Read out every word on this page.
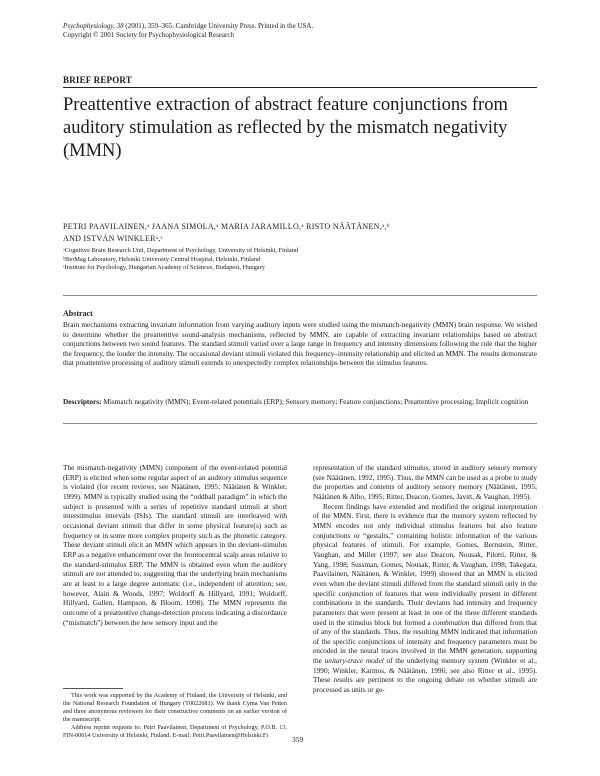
Psychophysiology, 38 (2001), 359–365. Cambridge University Press. Printed in the USA.
Copyright © 2001 Society for Psychophysiological Research
BRIEF REPORT
Preattentive extraction of abstract feature conjunctions from auditory stimulation as reflected by the mismatch negativity (MMN)
PETRI PAAVILAINEN,ᵃ JAANA SIMOLA,ᵃ MARIA JARAMILLO,ᵃ RISTO NÄÄTÄNEN,ᵃ,ᵇ
AND ISTVÁN WINKLERᵃ,ᶜ
ᵃCognitive Brain Research Unit, Department of Psychology, University of Helsinki, Finland
ᵇBioMag Laboratory, Helsinki University Central Hospital, Helsinki, Finland
ᶜInstitute for Psychology, Hungarian Academy of Sciences, Budapest, Hungary
Abstract
Brain mechanisms extracting invariant information from varying auditory inputs were studied using the mismatch-negativity (MMN) brain response. We wished to determine whether the preattentive sound-analysis mechanisms, reflected by MMN, are capable of extracting invariant relationships based on abstract conjunctions between two sound features. The standard stimuli varied over a large range in frequency and intensity dimensions following the rule that the higher the frequency, the louder the intensity. The occasional deviant stimuli violated this frequency–intensity relationship and elicited an MMN. The results demonstrate that preattentive processing of auditory stimuli extends to unexpectedly complex relationships between the stimulus features.
Descriptors: Mismatch negativity (MMN); Event-related potentials (ERP); Sensory memory; Feature conjunctions; Preattentive processing; Implicit cognition

The mismatch-negativity (MMN) component of the event-related potential (ERP) is elicited when some regular aspect of an auditory stimulus sequence is violated (for recent reviews, see Näätänen, 1995; Näätänen & Winkler, 1999). MMN is typically studied using the “oddball paradigm” in which the subject is presented with a series of repetitive standard stimuli at short interstimulus intervals (ISIs). The standard stimuli are interleaved with occasional deviant stimuli that differ in some physical feature(s) such as frequency or in some more complex property such as the phonetic category. These deviant stimuli elicit an MMN which appears in the deviant-stimulus ERP as a negative enhancement over the frontocentral scalp areas relative to the standard-stimulus ERP. The MMN is obtained even when the auditory stimuli are not attended to, suggesting that the underlying brain mechanisms are at least to a large degree automatic (i.e., independent of attention; see, however, Alain & Woods, 1997; Woldorff & Hillyard, 1991; Woldorff, Hillyard, Gallen, Hampson, & Bloom, 1998). The MMN represents the outcome of a preattentive change-detection process indicating a discordance (“mismatch”) between the new sensory input and the

representation of the standard stimulus, stored in auditory sensory memory (see Näätänen, 1992, 1995). Thus, the MMN can be used as a probe to study the properties and contents of auditory sensory memory (Näätänen, 1995; Näätänen & Alho, 1995; Ritter, Deacon, Gomes, Javitt, & Vaughan, 1995).

Recent findings have extended and modified the original interpretation of the MMN. First, there is evidence that the memory system reflected by MMN encodes not only individual stimulus features but also feature conjunctions or “gestalts,” containing holistic information of the various physical features of stimuli. For example, Gomes, Bernstein, Ritter, Vaughan, and Miller (1997; see also Deacon, Nousak, Pilotti, Ritter, & Yang, 1998; Sussman, Gomes, Nousak, Ritter, & Vaughan, 1998; Takegata, Paavilainen, Näätänen, & Winkler, 1999) showed that an MMN is elicited even when the deviant stimuli differed from the standard stimuli only in the specific conjunction of features that were individually present in different combinations in the standards. Their deviants had intensity and frequency parameters that were present at least in one of the three different standards used in the stimulus block but formed a combination that differed from that of any of the standards. Thus, the resulting MMN indicated that information of the specific conjunctions of intensity and frequency parameters must be encoded in the neural traces involved in the MMN generation, supporting the unitary-trace model of the underlying memory system (Winkler et al., 1990; Winkler, Karmos, & Näätänen, 1996; see also Ritter et al., 1995). These results are pertinent to the ongoing debate on whether stimuli are processed as units or ge-

This work was supported by the Academy of Finland, the University of Helsinki, and the National Research Foundation of Hungary (T0022681). We thank Cyma Van Petten and three anonymous reviewers for their constructive comments on an earlier version of the manuscript.

Address reprint requests to: Petri Paavilainen, Department of Psychology, P.O.B. 13, FIN-00014 University of Helsinki, Finland. E-mail: Petri.Paavilainen@Helsinki.Fi	359
